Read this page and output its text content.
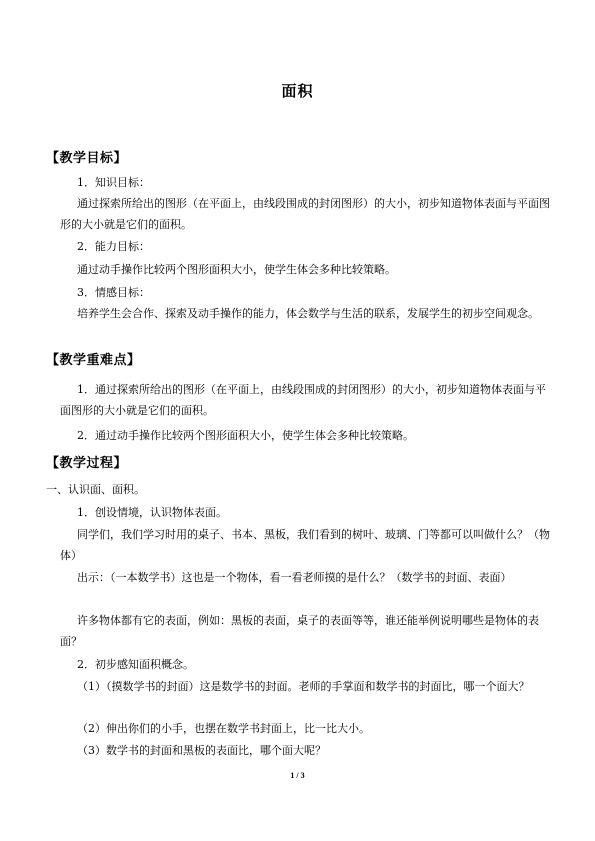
面积
【教学目标】
1．知识目标：
通过探索所给出的图形（在平面上，由线段围成的封闭图形）的大小，初步知道物体表面与平面图形的大小就是它们的面积。
2．能力目标：
通过动手操作比较两个图形面积大小，使学生体会多种比较策略。
3．情感目标：
培养学生会合作、探索及动手操作的能力，体会数学与生活的联系，发展学生的初步空间观念。
【教学重难点】
1．通过探索所给出的图形（在平面上，由线段围成的封闭图形）的大小，初步知道物体表面与平面图形的大小就是它们的面积。
2．通过动手操作比较两个图形面积大小，使学生体会多种比较策略。
【教学过程】
一、认识面、面积。
1．创设情境，认识物体表面。
同学们，我们学习时用的桌子、书本、黑板，我们看到的树叶、玻璃、门等都可以叫做什么？（物体）
出示：（一本数学书）这也是一个物体，看一看老师摸的是什么？（数学书的封面、表面）
许多物体都有它的表面，例如：黑板的表面，桌子的表面等等，谁还能举例说明哪些是物体的表面？
2．初步感知面积概念。
（1）（摸数学书的封面）这是数学书的封面。老师的手掌面和数学书的封面比，哪一个面大？
（2）伸出你们的小手，也摆在数学书封面上，比一比大小。
（3）数学书的封面和黑板的表面比，哪个面大呢？
1 / 3
